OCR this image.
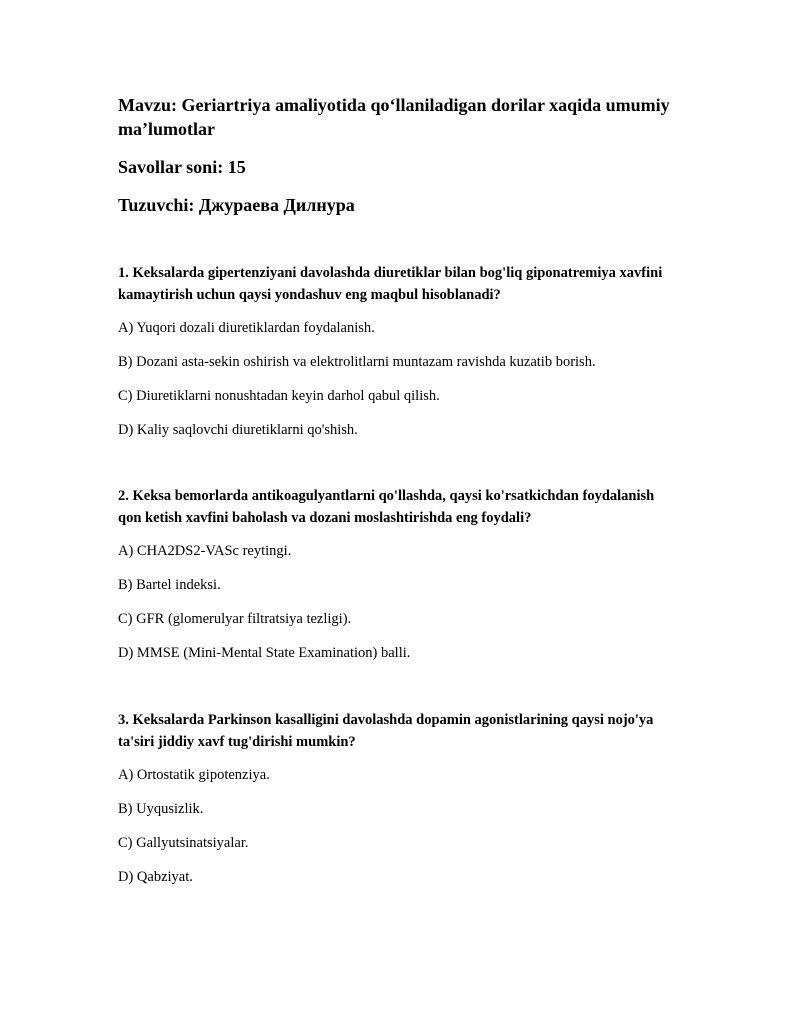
Mavzu: Geriartriya amaliyotida qo‘llaniladigan dorilar xaqida umumiy ma’lumotlar
Savollar soni: 15
Tuzuvchi: Джураева Дилнура
1. Keksalarda gipertenziyani davolashda diuretiklar bilan bog'liq giponatremiya xavfini kamaytirish uchun qaysi yondashuv eng maqbul hisoblanadi?
A) Yuqori dozali diuretiklardan foydalanish.
B) Dozani asta-sekin oshirish va elektrolitlarni muntazam ravishda kuzatib borish.
C) Diuretiklarni nonushtadan keyin darhol qabul qilish.
D) Kaliy saqlovchi diuretiklarni qo'shish.
2. Keksa bemorlarda antikoagulyantlarni qo'llashda, qaysi ko'rsatkichdan foydalanish qon ketish xavfini baholash va dozani moslashtirishda eng foydali?
A) CHA2DS2-VASc reytingi.
B) Bartel indeksi.
C) GFR (glomerulyar filtratsiya tezligi).
D) MMSE (Mini-Mental State Examination) balli.
3. Keksalarda Parkinson kasalligini davolashda dopamin agonistlarining qaysi nojo'ya ta'siri jiddiy xavf tug'dirishi mumkin?
A) Ortostatik gipotenziya.
B) Uyqusizlik.
C) Gallyutsinatsiyalar.
D) Qabziyat.
